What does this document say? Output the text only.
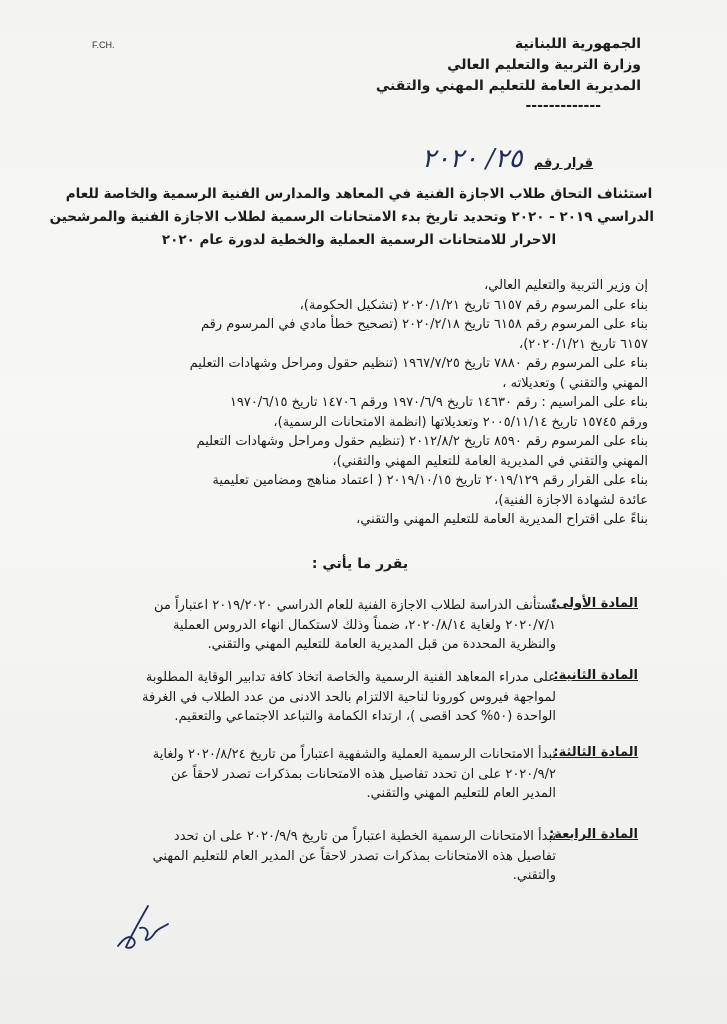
F.CH.	الجمهورية اللبنانية
وزارة التربية والتعليم العالي
المديرية العامة للتعليم المهني والتقني
-------------
قرار رقم ٢٥/ ٢٠٢٠
استئناف التحاق طلاب الاجازة الفنية في المعاهد والمدارس الفنية الرسمية والخاصة للعام
الدراسي ٢٠١٩ - ٢٠٢٠ وتحديد تاريخ بدء الامتحانات الرسمية لطلاب الاجازة الفنية والمرشحين
الاحرار للامتحانات الرسمية العملية والخطية لدورة عام ٢٠٢٠
إن وزير التربية والتعليم العالي،
بناء على المرسوم رقم ٦١٥٧ تاريخ ٢٠٢٠/١/٢١ (تشكيل الحكومة)،
بناء على المرسوم رقم ٦١٥٨ تاريخ ٢٠٢٠/٢/١٨ (تصحيح خطأ مادي في المرسوم رقم
٦١٥٧ تاريخ ٢٠٢٠/١/٢١)،
بناء على المرسوم رقم ٧٨٨٠ تاريخ ١٩٦٧/٧/٢٥ (تنظيم حقول ومراحل وشهادات التعليم
المهني والتقني ) وتعديلاته ،
بناء على المراسيم : رقم ١٤٦٣٠ تاريخ ١٩٧٠/٦/٩ ورقم ١٤٧٠٦ تاريخ ١٩٧٠/٦/١٥
ورقم ١٥٧٤٥ تاريخ ٢٠٠٥/١١/١٤ وتعديلاتها (انظمة الامتحانات الرسمية)،
بناء على المرسوم رقم ٨٥٩٠ تاريخ ٢٠١٢/٨/٢ (تنظيم حقول ومراحل وشهادات التعليم
المهني والتقني في المديرية العامة للتعليم المهني والتقني)،
بناء على القرار رقم ٢٠١٩/١٢٩ تاريخ ٢٠١٩/١٠/١٥ ( اعتماد مناهج ومضامين تعليمية
عائدة لشهادة الاجازة الفنية)،
بناءً على اقتراح المديرية العامة للتعليم المهني والتقني،
يقرر ما يأتي :
المادة الأولى:
تُستأنف الدراسة لطلاب الاجازة الفنية للعام الدراسي ٢٠١٩/٢٠٢٠ اعتباراً من
٢٠٢٠/٧/١ ولغاية ٢٠٢٠/٨/١٤، ضمناً وذلك لاستكمال انهاء الدروس العملية
والنظرية المحددة من قبل المديرية العامة للتعليم المهني والتقني.
المادة الثانية:
على مدراء المعاهد الفنية الرسمية والخاصة اتخاذ كافة تدابير الوقاية المطلوبة
لمواجهة فيروس كورونا لناحية الالتزام بالحد الادنى من عدد الطلاب في الغرفة
الواحدة (٥٠% كحد اقصى )، ارتداء الكمامة والتباعد الاجتماعي والتعقيم.
المادة الثالثة:
تبدأ الامتحانات الرسمية العملية والشفهية اعتباراً من تاريخ ٢٠٢٠/٨/٢٤ ولغاية
٢٠٢٠/٩/٢ على ان تحدد تفاصيل هذه الامتحانات بمذكرات تصدر لاحقاً عن
المدير العام للتعليم المهني والتقني.
المادة الرابعة:
تبدأ الامتحانات الرسمية الخطية اعتباراً من تاريخ ٢٠٢٠/٩/٩ على ان تحدد
تفاصيل هذه الامتحانات بمذكرات تصدر لاحقاً عن المدير العام للتعليم المهني
والتقني.
